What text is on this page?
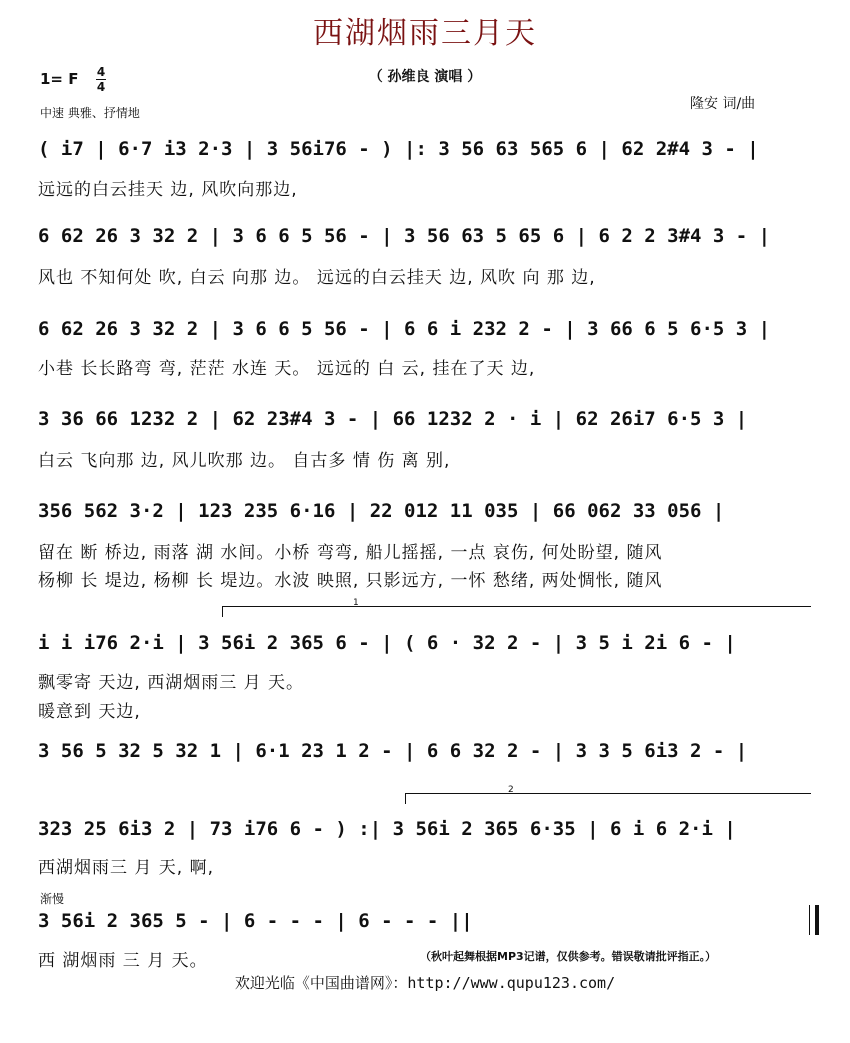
西湖烟雨三月天
（ 孙维良 演唱 ）
1= F 4
4
中速 典雅、抒情地
隆安 词/曲
( i7 | 6·7 i3 2·3 | 3 56i76 - ) |: 3 56 63 565 6 | 62 2#4 3 - |
远远的白云挂天 边, 风吹向那边,
6 62 26 3 32 2 | 3 6 6 5 56 - | 3 56 63 5 65 6 | 6 2 2 3#4 3 - |
风也 不知何处 吹, 白云 向那 边。 远远的白云挂天 边, 风吹 向 那 边,
6 62 26 3 32 2 | 3 6 6 5 56 - | 6 6 i 232 2 - | 3 66 6 5 6·5 3 |
小巷 长长路弯 弯, 茫茫 水连 天。 远远的 白 云, 挂在了天 边,
3 36 66 1232 2 | 62 23#4 3 - | 66 1232 2 · i | 62 26i7 6·5 3 |
白云 飞向那 边, 风儿吹那 边。 自古多 情 伤 离 别,
356 562 3·2 | 123 235 6·16 | 22 012 11 035 | 66 062 33 056 |
留在 断 桥边, 雨落 湖 水间。小桥 弯弯, 船儿摇摇, 一点 哀伤, 何处盼望, 随风
杨柳 长 堤边, 杨柳 长 堤边。水波 映照, 只影远方, 一怀 愁绪, 两处惆怅, 随风
1
i i i76 2·i | 3 56i 2 365 6 - | ( 6 · 32 2 - | 3 5 i 2i 6 - |
飘零寄 天边, 西湖烟雨三 月 天。
暖意到 天边,
3 56 5 32 5 32 1 | 6·1 23 1 2 - | 6 6 32 2 - | 3 3 5 6i3 2 - |
2
323 25 6i3 2 | 73 i76 6 - ) :| 3 56i 2 365 6·35 | 6 i 6 2·i |
西湖烟雨三 月 天, 啊,
渐慢
3 56i 2 365 5 - | 6 - - - | 6 - - - ||
西 湖烟雨 三 月 天。	（秋叶起舞根据MP3记谱，仅供参考。错误敬请批评指正。）
欢迎光临《中国曲谱网》：http://www.qupu123.com/
